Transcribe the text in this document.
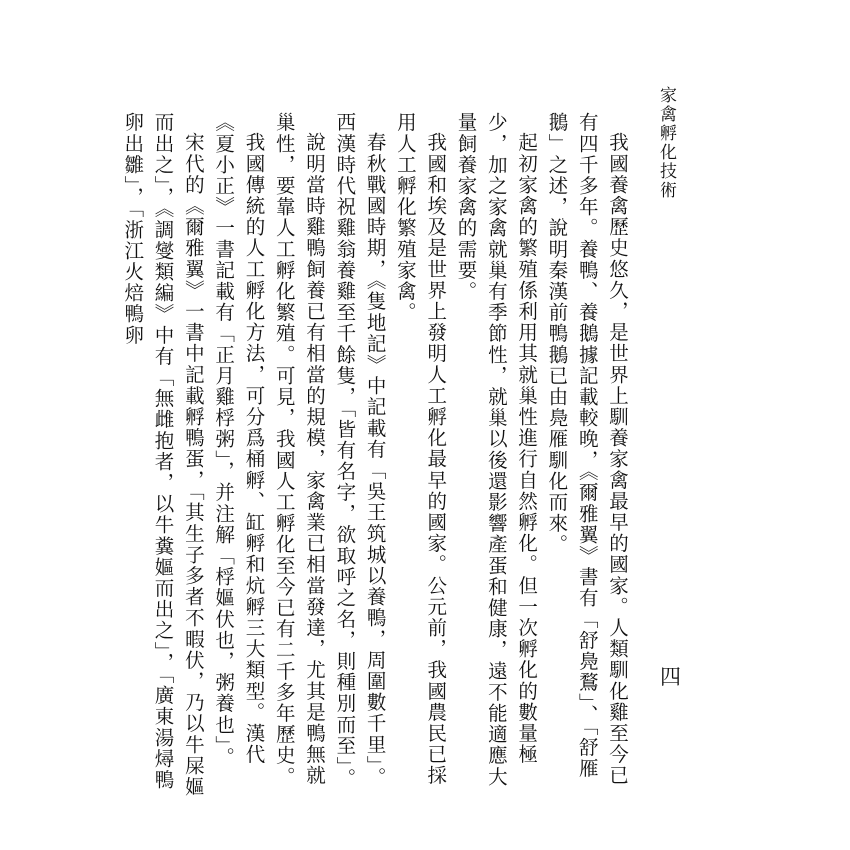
家禽孵化技術
四

我國養禽歷史悠久，是世界上馴養家禽最早的國家。人類馴化雞至今已有四千多年。養鴨、養鵝據記載較晚，《爾雅翼》書有「舒鳧鶩」、「舒雁鵝」之述，說明秦漢前鴨鵝已由鳧雁馴化而來。

起初家禽的繁殖係利用其就巢性進行自然孵化。但一次孵化的數量極少，加之家禽就巢有季節性，就巢以後還影響產蛋和健康，遠不能適應大量飼養家禽的需要。

我國和埃及是世界上發明人工孵化最早的國家。公元前，我國農民已採用人工孵化繁殖家禽。

春秋戰國時期，《隻地記》中記載有「吳王筑城以養鴨，周圍數千里」。西漢時代祝雞翁養雞至千餘隻，「皆有名字，欲取呼之名，則種別而至」。

說明當時雞鴨飼養已有相當的規模，家禽業已相當發達，尤其是鴨無就巢性，要靠人工孵化繁殖。可見，我國人工孵化至今已有二千多年歷史。

我國傳統的人工孵化方法，可分爲桶孵、缸孵和炕孵三大類型。漢代《夏小正》一書記載有「正月雞桴粥」，并注解「桴嫗伏也，粥養也」。

宋代的《爾雅翼》一書中記載孵鴨蛋，「其生子多者不暇伏，乃以牛屎嫗而出之」，《調燮類編》中有「無雌抱者，以牛糞嫗而出之」，「廣東湯燖鴨卵出雛」，「浙江火焙鴨卵
